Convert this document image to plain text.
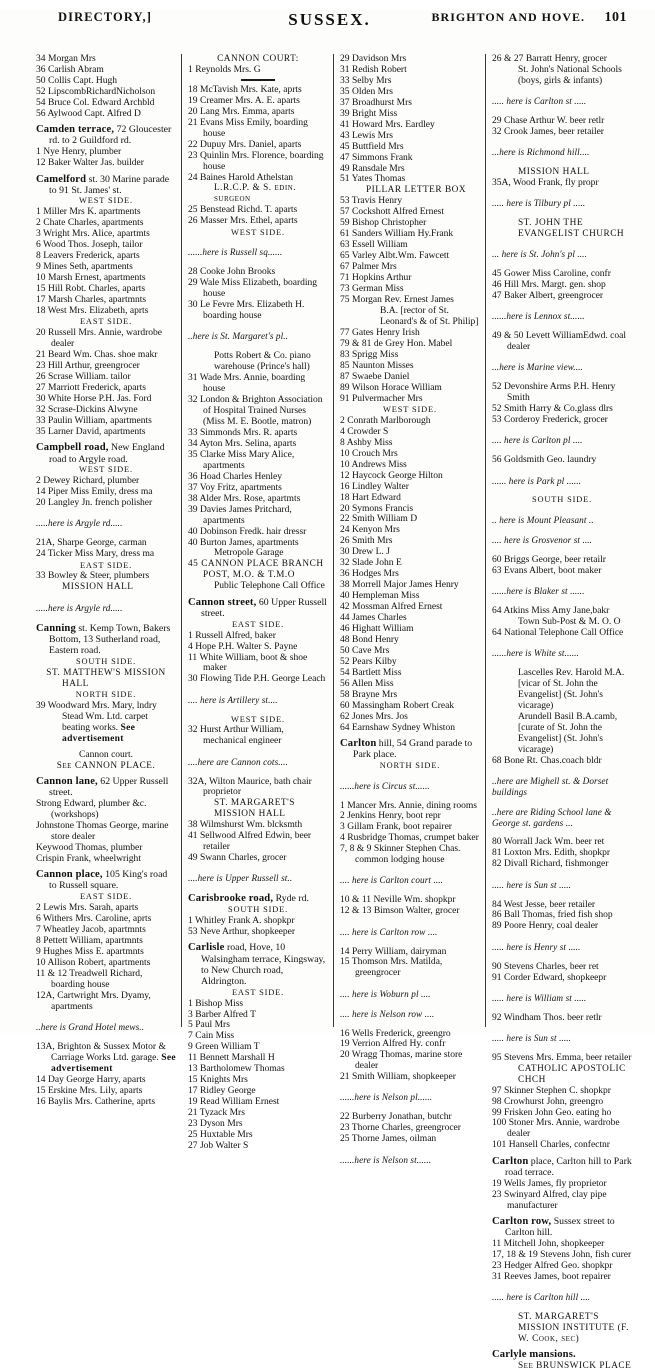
DIRECTORY,]	SUSSEX.	BRIGHTON AND HOVE. 101

34 Morgan Mrs

36 Carlish Abram

50 Collis Capt. Hugh

52 LipscombRichardNicholson

54 Bruce Col. Edward Archbld

56 Aylwood Capt. Alfred D

Camden terrace, 72 Gloucester rd. to 2 Guildford rd.

1 Nye Henry, plumber

12 Baker Walter Jas. builder

Camelford st. 30 Marine parade to 91 St. James' st.

WEST SIDE.

1 Miller Mrs K. apartments

2 Chate Charles, apartments

3 Wright Mrs. Alice, apartmts

6 Wood Thos. Joseph, tailor

8 Leavers Frederick, aparts

9 Mines Seth, apartments

10 Marsh Ernest, apartments

15 Hill Robt. Charles, aparts

17 Marsh Charles, apartmnts

18 West Mrs. Elizabeth, aprts

EAST SIDE.

20 Russell Mrs. Annie, wardrobe dealer

21 Beard Wm. Chas. shoe makr

23 Hill Arthur, greengrocer

26 Scrase William. tailor

27 Marriott Frederick, aparts

30 White Horse P.H. Jas. Ford

32 Scrase-Dickins Alwyne

33 Paulin William, apartments

35 Larner David, apartments

Campbell road, New England road to Argyle road.

WEST SIDE.

2 Dewey Richard, plumber

14 Piper Miss Emily, dress ma

20 Langley Jn. french polisher

.....here is Argyle rd.....

21A, Sharpe George, carman

24 Ticker Miss Mary, dress ma

EAST SIDE.

33 Bowley & Steer, plumbers

MISSION HALL

.....here is Argyle rd.....

Canning st. Kemp Town, Bakers Bottom, 13 Sutherland road, Eastern road.

SOUTH SIDE.

ST. MATTHEW'S MISSION

HALL

NORTH SIDE.

39 Woodward Mrs. Mary, lndry

Stead Wm. Ltd. carpet beating works. See advertisement

Cannon court.

See CANNON PLACE.

Cannon lane, 62 Upper Russell street.

Strong Edward, plumber &c. (workshops)

Johnstone Thomas George, marine store dealer

Keywood Thomas, plumber

Crispin Frank, wheelwright

Cannon place, 105 King's road to Russell square.

EAST SIDE.

2 Lewis Mrs. Sarah, aparts

6 Withers Mrs. Caroline, aprts

7 Wheatley Jacob, apartmnts

8 Pettett William, apartmnts

9 Hughes Miss E. apartmnts

10 Allison Robert, apartments

11 & 12 Treadwell Richard, boarding house

12A, Cartwright Mrs. Dyamy, apartments

..here is Grand Hotel mews..

13A, Brighton & Sussex Motor & Carriage Works Ltd. garage. See advertisement

14 Day George Harry, aparts

15 Erskine Mrs. Lily, aparts

16 Baylis Mrs. Catherine, aprts

CANNON COURT:

1 Reynolds Mrs. G

18 McTavish Mrs. Kate, aprts

19 Creamer Mrs. A. E. aparts

20 Lang Mrs. Emma, aparts

21 Evans Miss Emily, boarding house

22 Dupuy Mrs. Daniel, aparts

23 Quinlin Mrs. Florence, boarding house

24 Baines Harold Athelstan

L.R.C.P. & S. edin. surgeon

25 Benstead Richd. T. aparts

26 Masser Mrs. Ethel, aparts

WEST SIDE.

......here is Russell sq......

28 Cooke John Brooks

29 Wale Miss Elizabeth, boarding house

30 Le Fevre Mrs. Elizabeth H. boarding house

..here is St. Margaret's pl..

Potts Robert & Co. piano warehouse (Prince's hall)

31 Wade Mrs. Annie, boarding house

32 London & Brighton Association of Hospital Trained Nurses (Miss M. E. Bootle, matron)

33 Simmonds Mrs. R. aparts

34 Ayton Mrs. Selina, aparts

35 Clarke Miss Mary Alice, apartments

36 Hoad Charles Henley

37 Voy Fritz, apartments

38 Alder Mrs. Rose, apartmts

39 Davies James Pritchard, apartments

40 Dobinson Fredk. hair dressr

40 Burton James, apartments

Metropole Garage

45 CANNON PLACE BRANCH POST, M.O. & T.M.O

Public Telephone Call Office

Cannon street, 60 Upper Russell street.

EAST SIDE.

1 Russell Alfred, baker

4 Hope P.H. Walter S. Payne

11 White William, boot & shoe maker

30 Flowing Tide P.H. George Leach

.... here is Artillery st....

WEST SIDE.

32 Hurst Arthur William, mechanical engineer

....here are Cannon cots....

32A, Wilton Maurice, bath chair proprietor

ST. MARGARET'S MISSION HALL

38 Wilmshurst Wm. blcksmth

41 Sellwood Alfred Edwin, beer retailer

49 Swann Charles, grocer

....here is Upper Russell st..

Carisbrooke road, Ryde rd.

SOUTH SIDE.

1 Whitley Frank A. shopkpr

53 Neve Arthur, shopkeeper

Carlisle road, Hove, 10 Walsingham terrace, Kingsway, to New Church road, Aldrington.

EAST SIDE.

1 Bishop Miss

3 Barber Alfred T

5 Paul Mrs

7 Cain Miss

9 Green William T

11 Bennett Marshall H

13 Bartholomew Thomas

15 Knights Mrs

17 Ridley George

19 Read William Ernest

21 Tyzack Mrs

23 Dyson Mrs

25 Huxtable Mrs

27 Job Walter S

29 Davidson Mrs

31 Redish Robert

33 Selby Mrs

35 Olden Mrs

37 Broadhurst Mrs

39 Bright Miss

41 Howard Mrs. Eardley

43 Lewis Mrs

45 Buttfield Mrs

47 Simmons Frank

49 Ransdale Mrs

51 Yates Thomas

PILLAR LETTER BOX

53 Travis Henry

57 Cockshott Alfred Ernest

59 Bishop Christopher

61 Sanders William Hy.Frank

63 Essell William

65 Varley Albt.Wm. Fawcett

67 Palmer Mrs

71 Hopkins Arthur

73 German Miss

75 Morgan Rev. Ernest James

B.A. [rector of St. Leonard's & of St. Philip]

77 Gates Henry Irish

79 & 81 de Grey Hon. Mabel

83 Sprigg Miss

85 Naunton Misses

87 Swaebe Daniel

89 Wilson Horace William

91 Pulvermacher Mrs

WEST SIDE.

2 Conrath Marlborough

4 Crowder S

8 Ashby Miss

10 Crouch Mrs

10 Andrews Miss

12 Haycock George Hilton

16 Lindley Walter

18 Hart Edward

20 Symons Francis

22 Smith William D

24 Kenyon Mrs

26 Smith Mrs

30 Drew L. J

32 Slade John E

36 Hodges Mrs

38 Morrell Major James Henry

40 Hempleman Miss

42 Mossman Alfred Ernest

44 James Charles

46 Highatt William

48 Bond Henry

50 Cave Mrs

52 Pears Kilby

54 Bartlett Miss

56 Allen Miss

58 Brayne Mrs

60 Massingham Robert Creak

62 Jones Mrs. Jos

64 Earnshaw Sydney Whiston

Carlton hill, 54 Grand parade to Park place.

NORTH SIDE.

......here is Circus st......

1 Mancer Mrs. Annie, dining rooms

2 Jenkins Henry, boot repr

3 Gillam Frank, boot repairer

4 Rusbridge Thomas, crumpet baker

7, 8 & 9 Skinner Stephen Chas. common lodging house

.... here is Carlton court ....

10 & 11 Neville Wm. shopkpr

12 & 13 Bimson Walter, grocer

.... here is Carlton row ....

14 Perry William, dairyman

15 Thomson Mrs. Matilda, greengrocer

.... here is Woburn pl ....

.... here is Nelson row ....

16 Wells Frederick, greengro

19 Verrion Alfred Hy. confr

20 Wragg Thomas, marine store dealer

21 Smith William, shopkeeper

......here is Nelson pl......

22 Burberry Jonathan, butchr

23 Thorne Charles, greengrocer

25 Thorne James, oilman

......here is Nelson st......

26 & 27 Barratt Henry, grocer

St. John's National Schools (boys, girls & infants)

..... here is Carlton st .....

29 Chase Arthur W. beer retlr

32 Crook James, beer retailer

...here is Richmond hill....

MISSION HALL

35A, Wood Frank, fly propr

..... here is Tilbury pl .....

ST. JOHN THE EVANGELIST CHURCH

... here is St. John's pl ....

45 Gower Miss Caroline, confr

46 Hill Mrs. Margt. gen. shop

47 Baker Albert, greengrocer

......here is Lennox st......

49 & 50 Levett WilliamEdwd. coal dealer

...here is Marine view....

52 Devonshire Arms P.H. Henry Smith

52 Smith Harry & Co.glass dlrs

53 Corderoy Frederick, grocer

.... here is Carlton pl ....

56 Goldsmith Geo. laundry

...... here is Park pl ......

SOUTH SIDE.

.. here is Mount Pleasant ..

.... here is Grosvenor st ....

60 Briggs George, beer retailr

63 Evans Albert, boot maker

......here is Blaker st ......

64 Atkins Miss Amy Jane,bakr

Town Sub-Post & M. O. O

64 National Telephone Call Office

......here is White st......

Lascelles Rev. Harold M.A. [vicar of St. John the Evangelist] (St. John's vicarage)

Arundell Basil B.A.camb, [curate of St. John the Evangelist] (St. John's vicarage)

68 Bone Rt. Chas.coach bldr

..here are Mighell st. & Dorset buildings

..here are Riding School lane & George st. gardens ...

80 Worrall Jack Wm. beer ret

81 Loxton Mrs. Edith, shopkpr

82 Divall Richard, fishmonger

..... here is Sun st .....

84 West Jesse, beer retailer

86 Ball Thomas, fried fish shop

89 Poore Henry, coal dealer

..... here is Henry st .....

90 Stevens Charles, beer ret

91 Corder Edward, shopkeepr

..... here is William st .....

92 Windham Thos. beer retlr

..... here is Sun st .....

95 Stevens Mrs. Emma, beer retailer

CATHOLIC APOSTOLIC CHCH

97 Skinner Stephen C. shopkpr

98 Crowhurst John, greengro

99 Frisken John Geo. eating ho

100 Stoner Mrs. Annie, wardrobe dealer

101 Hansell Charles, confectnr

Carlton place, Carlton hill to Park road terrace.

19 Wells James, fly proprietor

23 Swinyard Alfred, clay pipe manufacturer

Carlton row, Sussex street to Carlton hill.

11 Mitchell John, shopkeeper

17, 18 & 19 Stevens John, fish curer

23 Hedger Alfred Geo. shopkpr

31 Reeves James, boot repairer

..... here is Carlton hill ....

ST. MARGARET'S MISSION INSTITUTE (F. W. Cook, sec)

Carlyle mansions.

See BRUNSWICK PLACE
